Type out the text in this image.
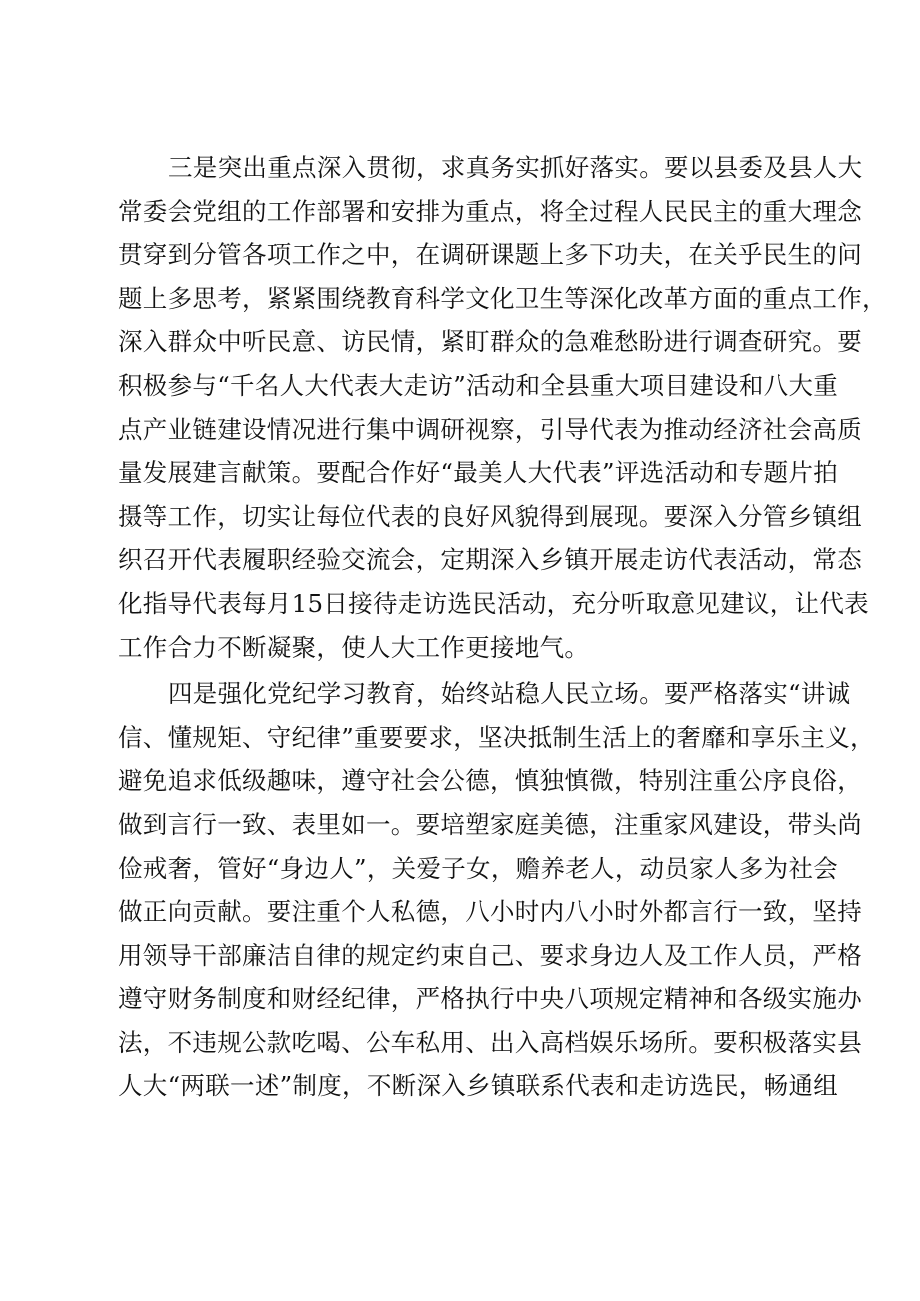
三是突出重点深入贯彻，求真务实抓好落实。要以县委及县人大
常委会党组的工作部署和安排为重点，将全过程人民民主的重大理念
贯穿到分管各项工作之中，在调研课题上多下功夫，在关乎民生的问
题上多思考，紧紧围绕教育科学文化卫生等深化改革方面的重点工作，
深入群众中听民意、访民情，紧盯群众的急难愁盼进行调查研究。要
积极参与“千名人大代表大走访”活动和全县重大项目建设和八大重
点产业链建设情况进行集中调研视察，引导代表为推动经济社会高质
量发展建言献策。要配合作好“最美人大代表”评选活动和专题片拍
摄等工作，切实让每位代表的良好风貌得到展现。要深入分管乡镇组
织召开代表履职经验交流会，定期深入乡镇开展走访代表活动，常态
化指导代表每月15日接待走访选民活动，充分听取意见建议，让代表
工作合力不断凝聚，使人大工作更接地气。

四是强化党纪学习教育，始终站稳人民立场。要严格落实“讲诚
信、懂规矩、守纪律”重要要求，坚决抵制生活上的奢靡和享乐主义，
避免追求低级趣味，遵守社会公德，慎独慎微，特别注重公序良俗，
做到言行一致、表里如一。要培塑家庭美德，注重家风建设，带头尚
俭戒奢，管好“身边人”，关爱子女，赡养老人，动员家人多为社会
做正向贡献。要注重个人私德，八小时内八小时外都言行一致，坚持
用领导干部廉洁自律的规定约束自己、要求身边人及工作人员，严格
遵守财务制度和财经纪律，严格执行中央八项规定精神和各级实施办
法，不违规公款吃喝、公车私用、出入高档娱乐场所。要积极落实县
人大“两联一述”制度，不断深入乡镇联系代表和走访选民，畅通组
